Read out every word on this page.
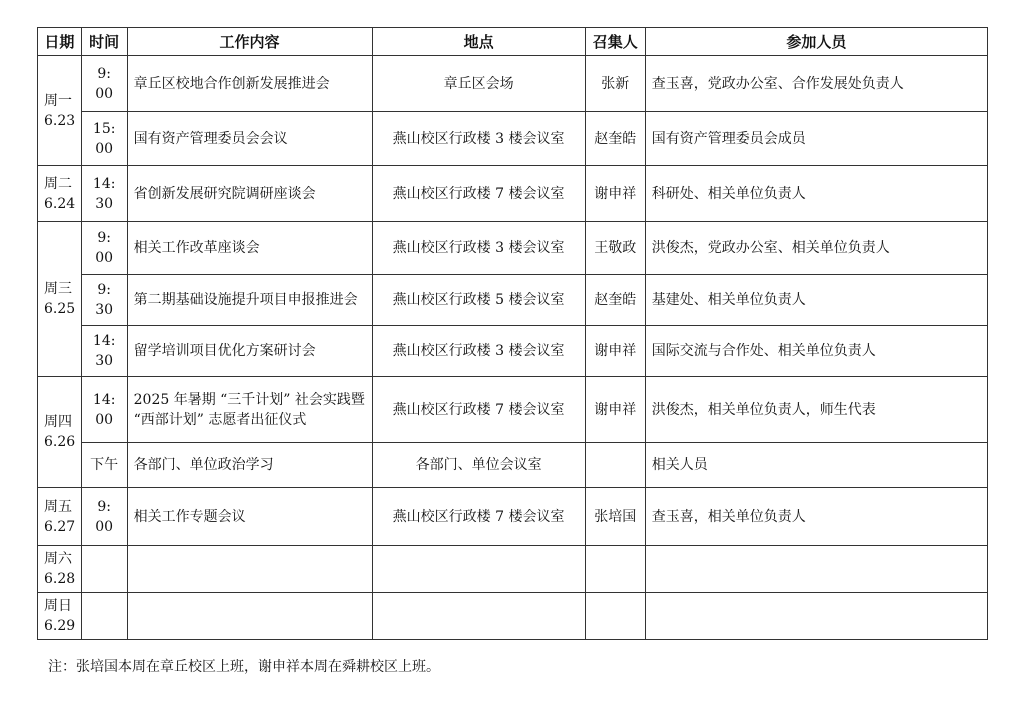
日期	时间	工作内容	地点	召集人	参加人员

周一
6.23	9: 00	章丘区校地合作创新发展推进会	章丘区会场	张新	查玉喜，党政办公室、合作发展处负责人
	15: 00	国有资产管理委员会会议	燕山校区行政楼 3 楼会议室	赵奎皓	国有资产管理委员会成员

周二
6.24	14: 30	省创新发展研究院调研座谈会	燕山校区行政楼 7 楼会议室	谢申祥	科研处、相关单位负责人

周三
6.25	9: 00	相关工作改革座谈会	燕山校区行政楼 3 楼会议室	王敬政	洪俊杰，党政办公室、相关单位负责人
	9: 30	第二期基础设施提升项目申报推进会	燕山校区行政楼 5 楼会议室	赵奎皓	基建处、相关单位负责人
	14: 30	留学培训项目优化方案研讨会	燕山校区行政楼 3 楼会议室	谢申祥	国际交流与合作处、相关单位负责人

周四
6.26	14: 00	2025 年暑期 “三千计划” 社会实践暨 “西部计划” 志愿者出征仪式	燕山校区行政楼 7 楼会议室	谢申祥	洪俊杰，相关单位负责人，师生代表
	下午	各部门、单位政治学习	各部门、单位会议室		相关人员

周五
6.27	9: 00	相关工作专题会议	燕山校区行政楼 7 楼会议室	张培国	查玉喜，相关单位负责人

周六
6.28					

周日
6.29					

注：张培国本周在章丘校区上班，谢申祥本周在舜耕校区上班。
